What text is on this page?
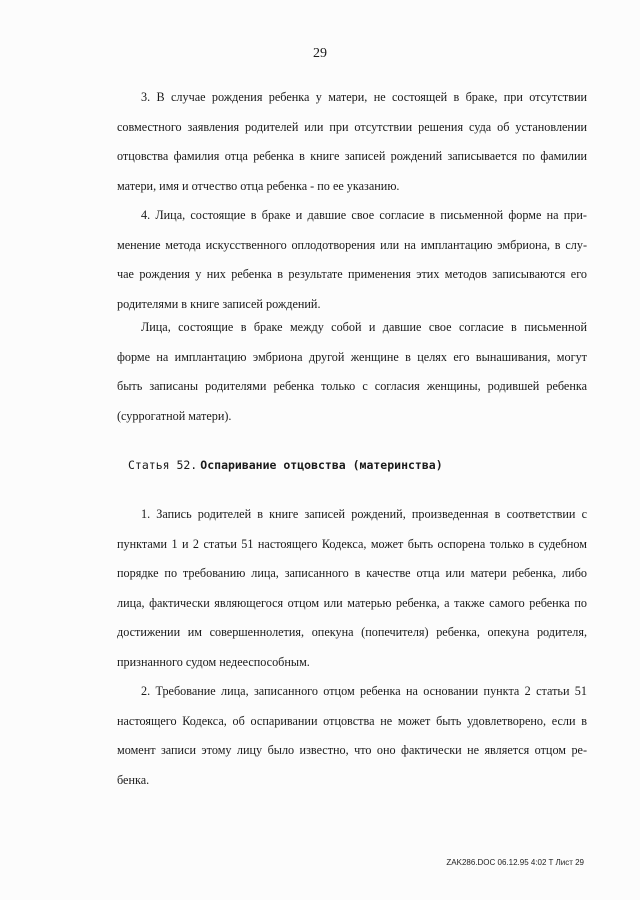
29

3. В случае рождения ребенка у матери, не состоящей в браке, при отсутствии
совместного заявления родителей или при отсутствии решения суда об установлении
отцовства фамилия отца ребенка в книге записей рождений записывается по фамилии
матери, имя и отчество отца ребенка - по ее указанию.

4. Лица, состоящие в браке и давшие свое согласие в письменной форме на при-
менение метода искусственного оплодотворения или на имплантацию эмбриона, в слу-
чае рождения у них ребенка в результате применения этих методов записываются его
родителями в книге записей рождений.

Лица, состоящие в браке между собой и давшие свое согласие в письменной
форме на имплантацию эмбриона другой женщине в целях его вынашивания, могут
быть записаны родителями ребенка только с согласия женщины, родившей ребенка
(суррогатной матери).

Статья 52. Оспаривание отцовства (материнства)

1. Запись родителей в книге записей рождений, произведенная в соответствии с
пунктами 1 и 2 статьи 51 настоящего Кодекса, может быть оспорена только в судебном
порядке по требованию лица, записанного в качестве отца или матери ребенка, либо
лица, фактически являющегося отцом или матерью ребенка, а также самого ребенка по
достижении им совершеннолетия, опекуна (попечителя) ребенка, опекуна родителя,
признанного судом недееспособным.

2. Требование лица, записанного отцом ребенка на основании пункта 2 статьи 51
настоящего Кодекса, об оспаривании отцовства не может быть удовлетворено, если в
момент записи этому лицу было известно, что оно фактически не является отцом ре-
бенка.

ZAK286.DOC 06.12.95 4:02 T Лист 29
